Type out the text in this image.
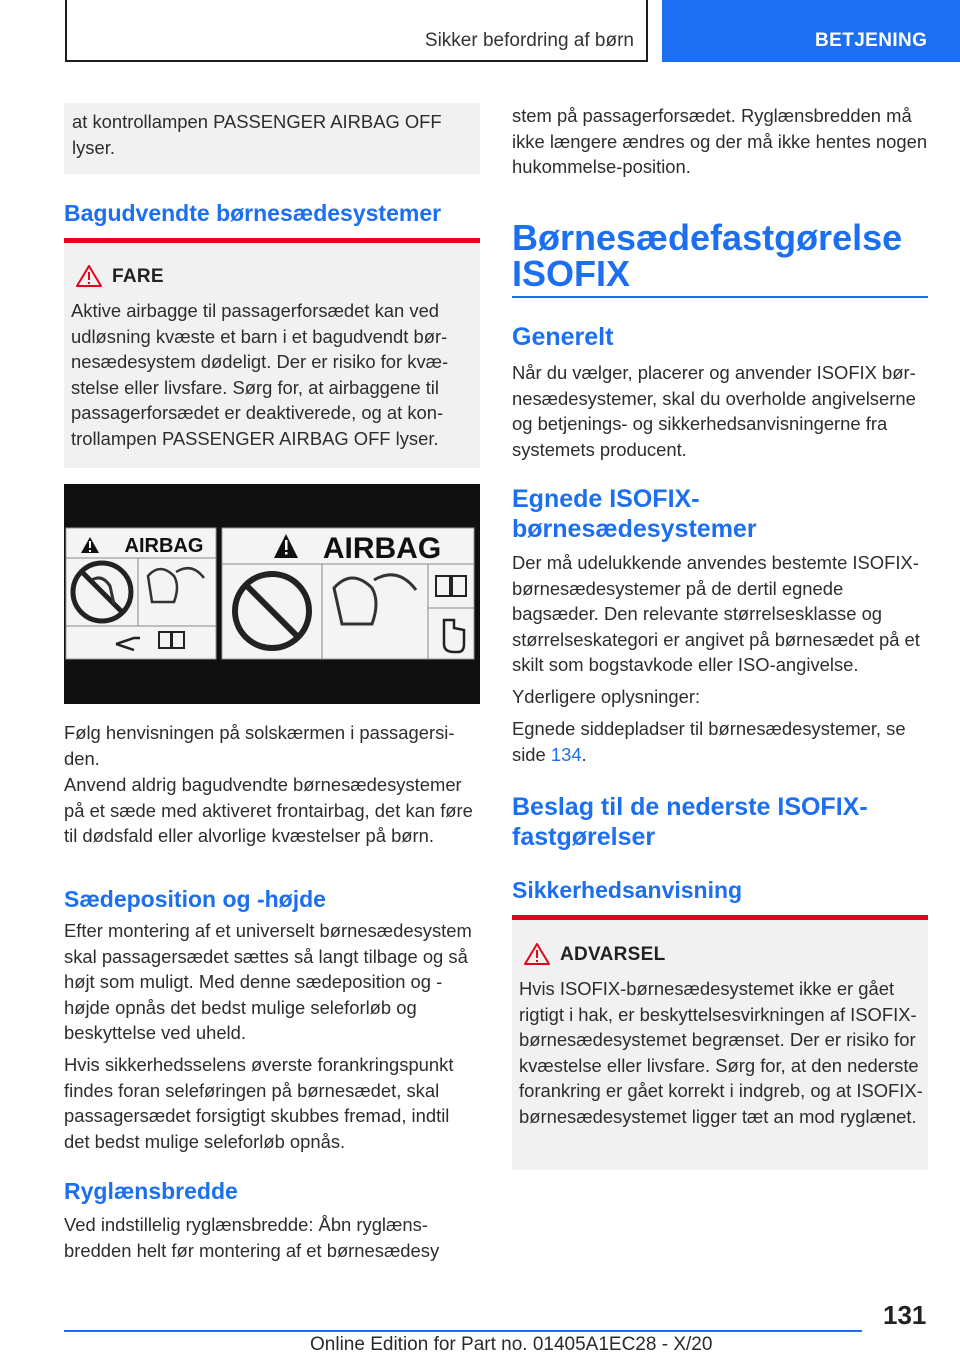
Sikker befordring af børn	BETJENING

at kontrollampen PASSENGER AIRBAG OFF lyser.

Bagudvendte børnesædesystemer
FARE

Aktive airbagge til passagerforsædet kan ved udløsning kvæste et barn i et bagudvendt børnesædesystem dødeligt. Der er risiko for kvæstelse eller livsfare. Sørg for, at airbaggene til passagerforsædet er deaktiverede, og at kontrollampen PASSENGER AIRBAG OFF lyser.

AIRBAG	AIRBAG

Følg henvisningen på solskærmen i passagersiden.

Anvend aldrig bagudvendte børnesædesystemer på et sæde med aktiveret frontairbag, det kan føre til dødsfald eller alvorlige kvæstelser på børn.

Sædeposition og -højde

Efter montering af et universelt børnesædesystem skal passagersædet sættes så langt tilbage og så højt som muligt. Med denne sædeposition og -højde opnås det bedst mulige seleforløb og beskyttelse ved uheld.

Hvis sikkerhedsselens øverste forankringspunkt findes foran seleføringen på børnesædet, skal passagersædet forsigtigt skubbes fremad, indtil det bedst mulige seleforløb opnås.

Ryglænsbredde

Ved indstillelig ryglænsbredde: Åbn ryglænsbredden helt før montering af et børnesædesy

stem på passagerforsædet. Ryglænsbredden må ikke længere ændres og der må ikke hentes nogen hukommelse-position.

Børnesædefastgørelse
ISOFIX
Generelt

Når du vælger, placerer og anvender ISOFIX børnesædesystemer, skal du overholde angivelserne og betjenings- og sikkerhedsanvisningerne fra systemets producent.

Egnede ISOFIX-
børnesædesystemer

Der må udelukkende anvendes bestemte ISOFIX-børnesædesystemer på de dertil egnede bagsæder. Den relevante størrelsesklasse og størrelseskategori er angivet på børnesædet på et skilt som bogstavkode eller ISO-angivelse.

Yderligere oplysninger:

Egnede siddepladser til børnesædesystemer, se side 134.

Beslag til de nederste ISOFIX-
fastgørelser
Sikkerhedsanvisning
ADVARSEL

Hvis ISOFIX-børnesædesystemet ikke er gået rigtigt i hak, er beskyttelsesvirkningen af ISOFIX-børnesædesystemet begrænset. Der er risiko for kvæstelse eller livsfare. Sørg for, at den nederste forankring er gået korrekt i indgreb, og at ISOFIX-børnesædesystemet ligger tæt an mod ryglænet.

131
Online Edition for Part no. 01405A1EC28 - X/20
